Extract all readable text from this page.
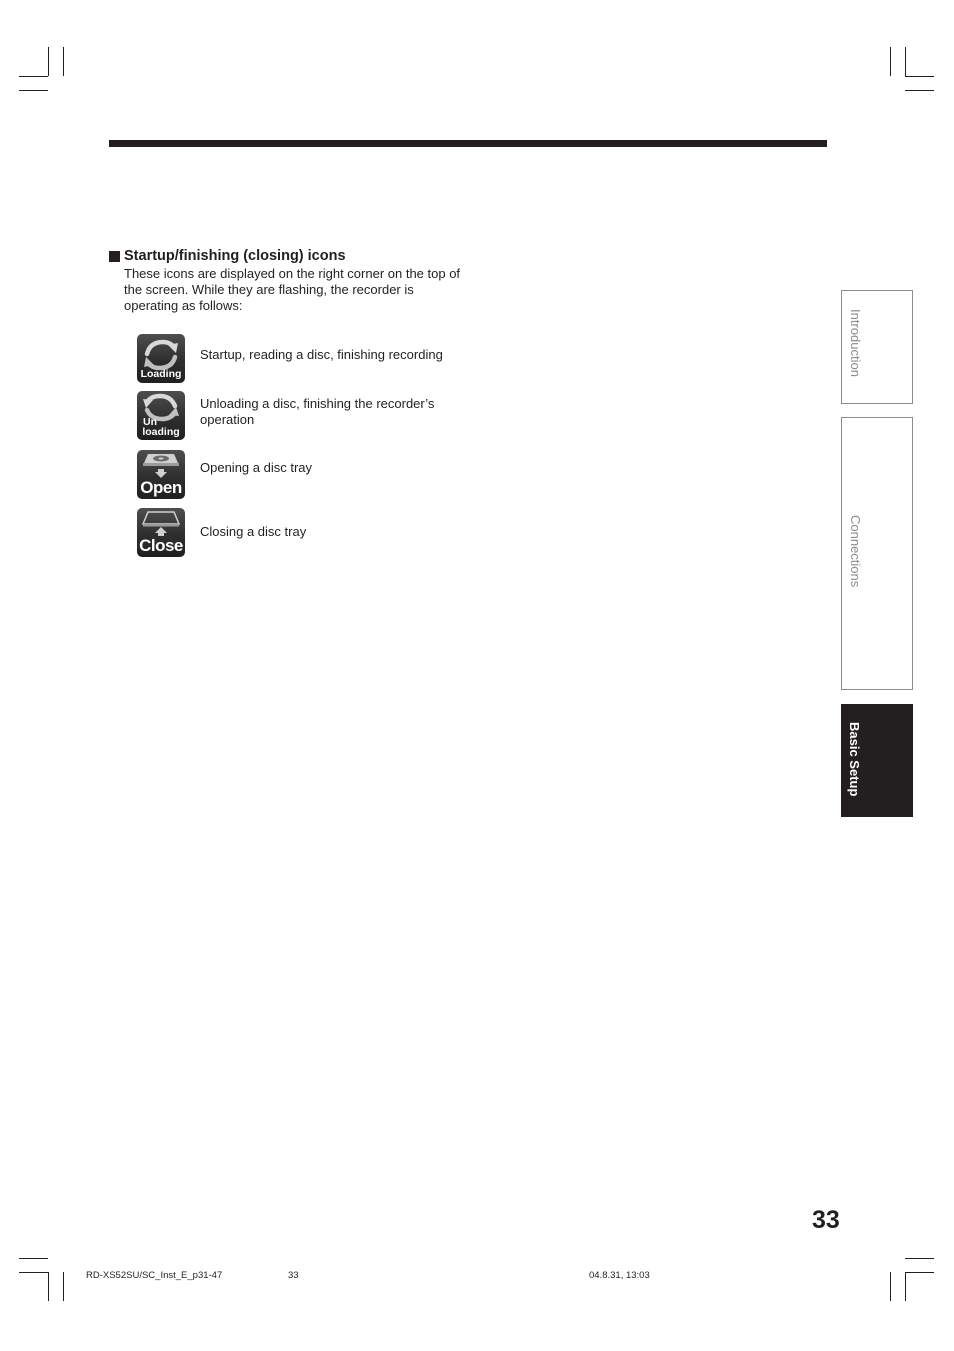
Startup/finishing (closing) icons

These icons are displayed on the right corner on the top of the screen. While they are flashing, the recorder is operating as follows:

Loading
Startup, reading a disc, finishing recording
Un
loading
Unloading a disc, finishing the recorder’s operation
Open
Opening a disc tray
Close
Closing a disc tray
Introduction
Connections
Basic Setup
33
RD-XS52SU/SC_Inst_E_p31-47	33	04.8.31, 13:03
